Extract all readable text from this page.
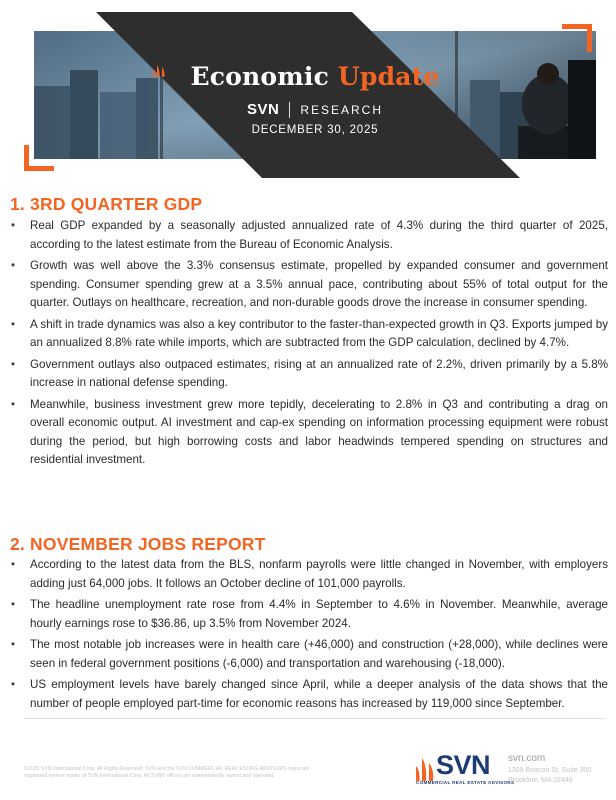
Economic Update
SVN RESEARCH
DECEMBER 30, 2025
1. 3RD QUARTER GDP
• Real GDP expanded by a seasonally adjusted annualized rate of 4.3% during the third quarter of 2025, according to the latest estimate from the Bureau of Economic Analysis.
• Growth was well above the 3.3% consensus estimate, propelled by expanded consumer and government spending. Consumer spending grew at a 3.5% annual pace, contributing about 55% of total output for the quarter. Outlays on healthcare, recreation, and non-durable goods drove the increase in consumer spending.
• A shift in trade dynamics was also a key contributor to the faster-than-expected growth in Q3. Exports jumped by an annualized 8.8% rate while imports, which are subtracted from the GDP calculation, declined by 4.7%.
• Government outlays also outpaced estimates, rising at an annualized rate of 2.2%, driven primarily by a 5.8% increase in national defense spending.
• Meanwhile, business investment grew more tepidly, decelerating to 2.8% in Q3 and contributing a drag on overall economic output. AI investment and cap-ex spending on information processing equipment were robust during the period, but high borrowing costs and labor headwinds tempered spending on structures and residential investment.
2. NOVEMBER JOBS REPORT
• According to the latest data from the BLS, nonfarm payrolls were little changed in November, with employers adding just 64,000 jobs. It follows an October decline of 101,000 payrolls.
• The headline unemployment rate rose from 4.4% in September to 4.6% in November. Meanwhile, average hourly earnings rose to $36.86, up 3.5% from November 2024.
• The most notable job increases were in health care (+46,000) and construction (+28,000), while declines were seen in federal government positions (-6,000) and transportation and warehousing (-18,000).
• US employment levels have barely changed since April, while a deeper analysis of the data shows that the number of people employed part-time for economic reasons has increased by 119,000 since September.
©2025 SVN International Corp. All Rights Reserved. SVN and the SVN COMMERCIAL REAL ESTATE ADVISORS logos are registered service marks of SVN International Corp. All SVN® offices are independently owned and operated.	SVN
COMMERCIAL REAL ESTATE ADVISORS
svn.com
1309 Beacon St, Suite 300
Brookline, MA 02446
